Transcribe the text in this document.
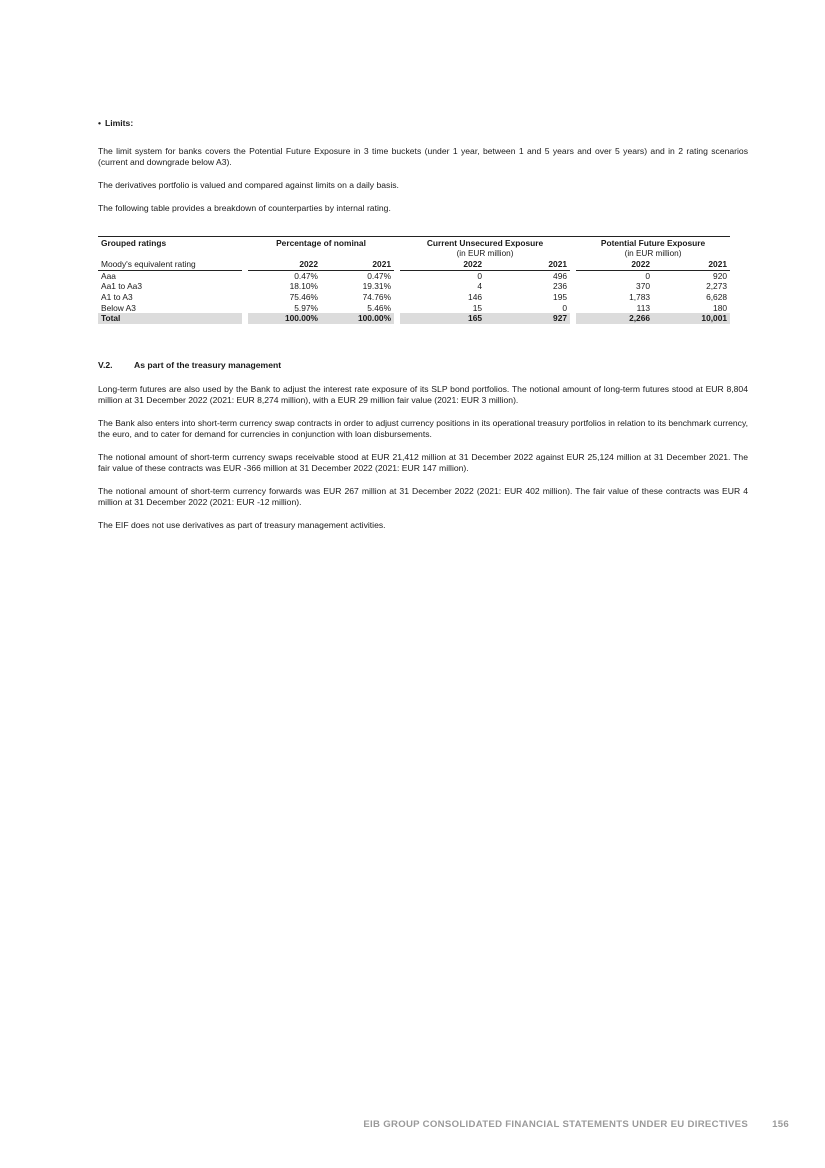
• Limits:

The limit system for banks covers the Potential Future Exposure in 3 time buckets (under 1 year, between 1 and 5 years and over 5 years) and in 2 rating scenarios (current and downgrade below A3).

The derivatives portfolio is valued and compared against limits on a daily basis.

The following table provides a breakdown of counterparties by internal rating.

Grouped ratings		Percentage of nominal			Current Unsecured Exposure			Potential Future Exposure	
					(in EUR million)			(in EUR million)	
Moody's equivalent rating		2022	2021		2022	2021		2022	2021
Aaa		0.47%	0.47%		0	496		0	920
Aa1 to Aa3		18.10%	19.31%		4	236		370	2,273
A1 to A3		75.46%	74.76%		146	195		1,783	6,628
Below A3		5.97%	5.46%		15	0		113	180
Total		100.00%	100.00%		165	927		2,266	10,001
V.2.	As part of the treasury management

Long-term futures are also used by the Bank to adjust the interest rate exposure of its SLP bond portfolios. The notional amount of long-term futures stood at EUR 8,804 million at 31 December 2022 (2021: EUR 8,274 million), with a EUR 29 million fair value (2021: EUR 3 million).

The Bank also enters into short-term currency swap contracts in order to adjust currency positions in its operational treasury portfolios in relation to its benchmark currency, the euro, and to cater for demand for currencies in conjunction with loan disbursements.

The notional amount of short-term currency swaps receivable stood at EUR 21,412 million at 31 December 2022 against EUR 25,124 million at 31 December 2021. The fair value of these contracts was EUR -366 million at 31 December 2022 (2021: EUR 147 million).

The notional amount of short-term currency forwards was EUR 267 million at 31 December 2022 (2021: EUR 402 million). The fair value of these contracts was EUR 4 million at 31 December 2022 (2021: EUR -12 million).

The EIF does not use derivatives as part of treasury management activities.

EIB GROUP CONSOLIDATED FINANCIAL STATEMENTS UNDER EU DIRECTIVES	156
